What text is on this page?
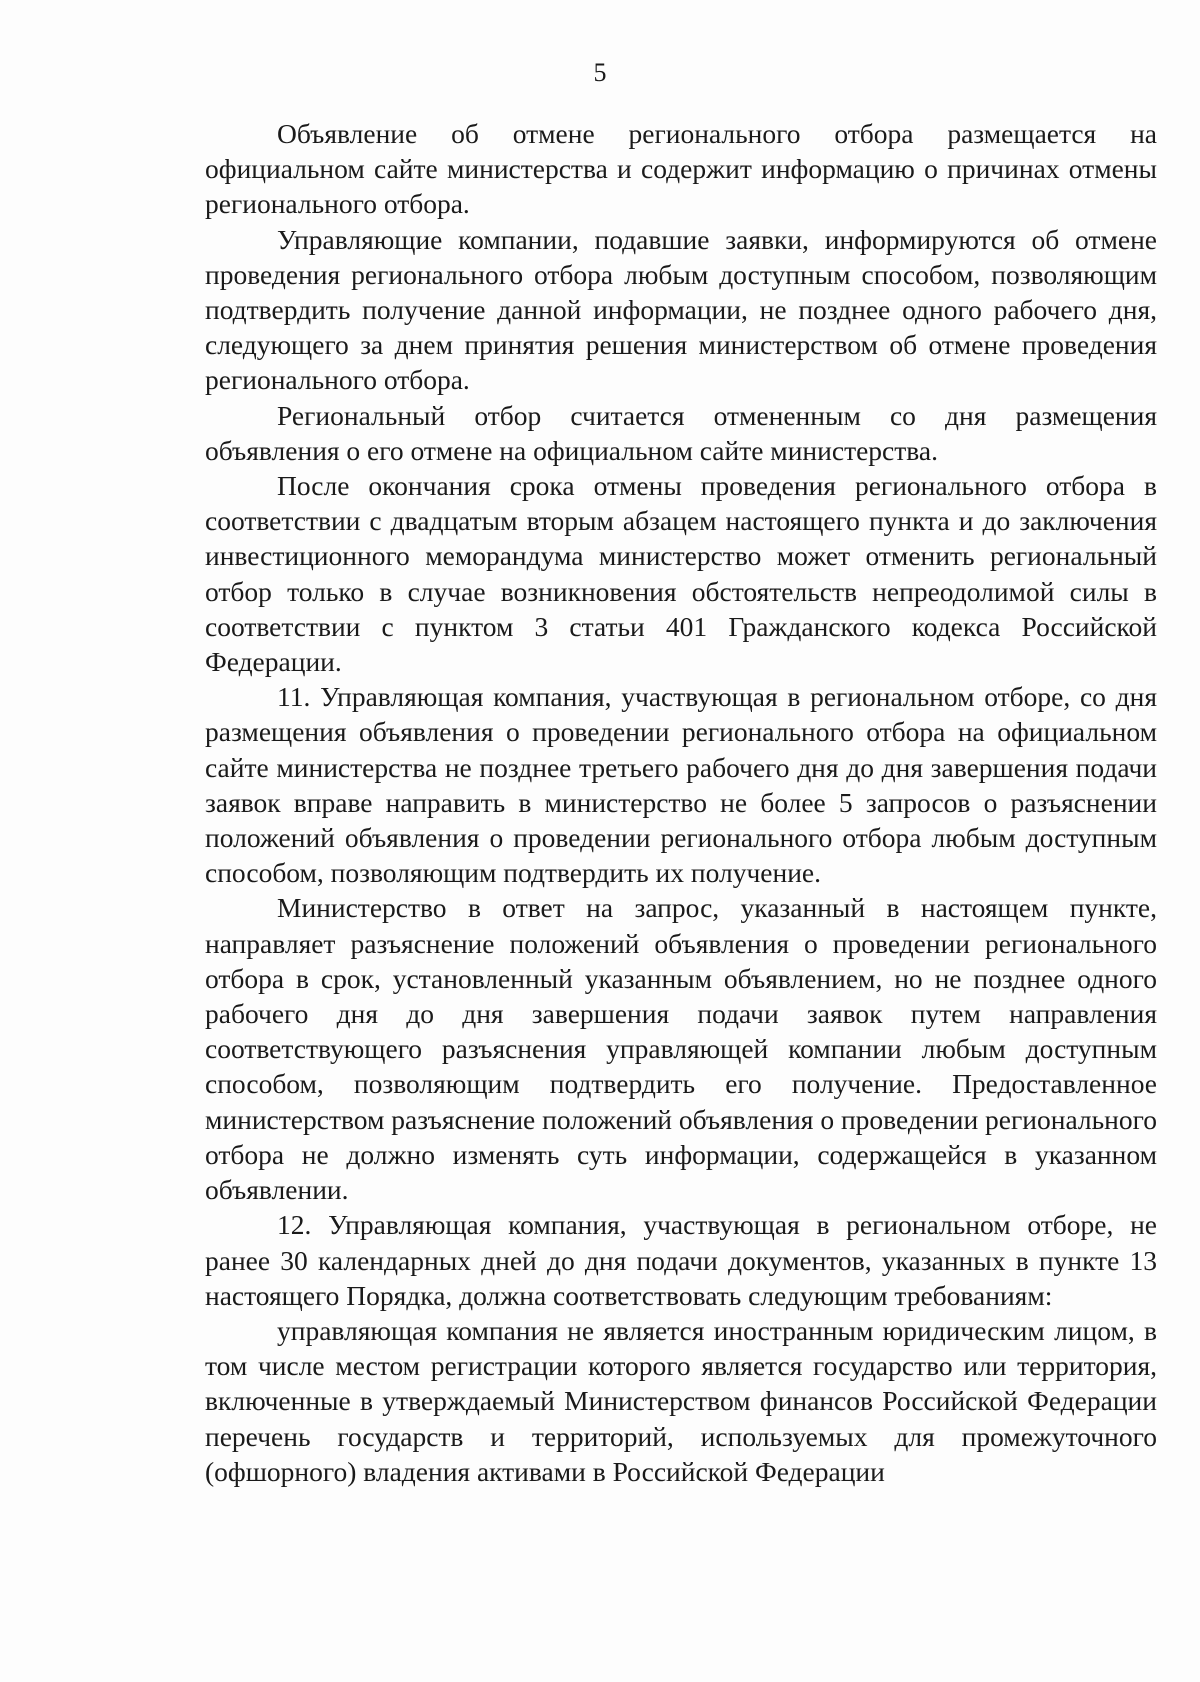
5

Объявление об отмене регионального отбора размещается на официальном сайте министерства и содержит информацию о причинах отмены регионального отбора.

Управляющие компании, подавшие заявки, информируются об отмене проведения регионального отбора любым доступным способом, позволяющим подтвердить получение данной информации, не позднее одного рабочего дня, следующего за днем принятия решения министерством об отмене проведения регионального отбора.

Региональный отбор считается отмененным со дня размещения объявления о его отмене на официальном сайте министерства.

После окончания срока отмены проведения регионального отбора в соответствии с двадцатым вторым абзацем настоящего пункта и до заключения инвестиционного меморандума министерство может отменить региональный отбор только в случае возникновения обстоятельств непреодолимой силы в соответствии с пунктом 3 статьи 401 Гражданского кодекса Российской Федерации.

11. Управляющая компания, участвующая в региональном отборе, со дня размещения объявления о проведении регионального отбора на официальном сайте министерства не позднее третьего рабочего дня до дня завершения подачи заявок вправе направить в министерство не более 5 запросов о разъяснении положений объявления о проведении регионального отбора любым доступным способом, позволяющим подтвердить их получение.

Министерство в ответ на запрос, указанный в настоящем пункте, направляет разъяснение положений объявления о проведении регионального отбора в срок, установленный указанным объявлением, но не позднее одного рабочего дня до дня завершения подачи заявок путем направления соответствующего разъяснения управляющей компании любым доступным способом, позволяющим подтвердить его получение. Предоставленное министерством разъяснение положений объявления о проведении регионального отбора не должно изменять суть информации, содержащейся в указанном объявлении.

12. Управляющая компания, участвующая в региональном отборе, не ранее 30 календарных дней до дня подачи документов, указанных в пункте 13 настоящего Порядка, должна соответствовать следующим требованиям:

управляющая компания не является иностранным юридическим лицом, в том числе местом регистрации которого является государство или территория, включенные в утверждаемый Министерством финансов Российской Федерации перечень государств и территорий, используемых для промежуточного (офшорного) владения активами в Российской Федерации
